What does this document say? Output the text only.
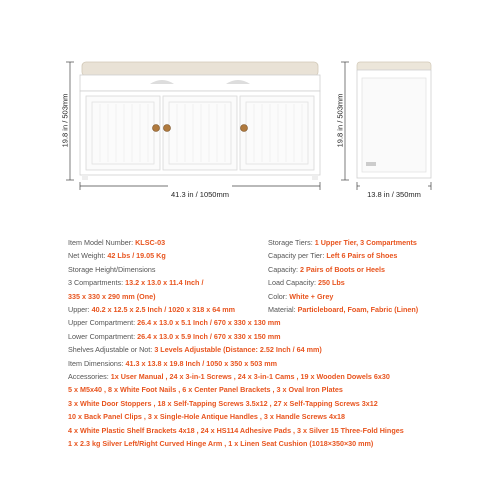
19.8 in / 503mm
41.3 in / 1050mm
19.8 in / 503mm
13.8 in / 350mm
Item Model Number: KLSC-03
Net Weight: 42 Lbs / 19.05 Kg
Storage Height/Dimensions
3 Compartments: 13.2 x 13.0 x 11.4 Inch /
335 x 330 x 290 mm (One)
Upper: 40.2 x 12.5 x 2.5 Inch / 1020 x 318 x 64 mm
Storage Tiers: 1 Upper Tier, 3 Compartments
Capacity per Tier: Left 6 Pairs of Shoes
Capacity: 2 Pairs of Boots or Heels
Load Capacity: 250 Lbs
Color: White + Grey
Material: Particleboard, Foam, Fabric (Linen)
Upper Compartment: 26.4 x 13.0 x 5.1 Inch / 670 x 330 x 130 mm
Lower Compartment: 26.4 x 13.0 x 5.9 Inch / 670 x 330 x 150 mm
Shelves Adjustable or Not: 3 Levels Adjustable (Distance: 2.52 Inch / 64 mm)
Item Dimensions: 41.3 x 13.8 x 19.8 Inch / 1050 x 350 x 503 mm
Accessories: 1x User Manual , 24 x 3-in-1 Screws , 24 x 3-in-1 Cams , 19 x Wooden Dowels 6x30
5 x M5x40 , 8 x White Foot Nails , 6 x Center Panel Brackets , 3 x Oval Iron Plates
3 x White Door Stoppers , 18 x Self-Tapping Screws 3.5x12 , 27 x Self-Tapping Screws 3x12
10 x Back Panel Clips , 3 x Single-Hole Antique Handles , 3 x Handle Screws 4x18
4 x White Plastic Shelf Brackets 4x18 , 24 x HS114 Adhesive Pads , 3 x Silver 15 Three-Fold Hinges
1 x 2.3 kg Silver Left/Right Curved Hinge Arm , 1 x Linen Seat Cushion (1018×350×30 mm)
